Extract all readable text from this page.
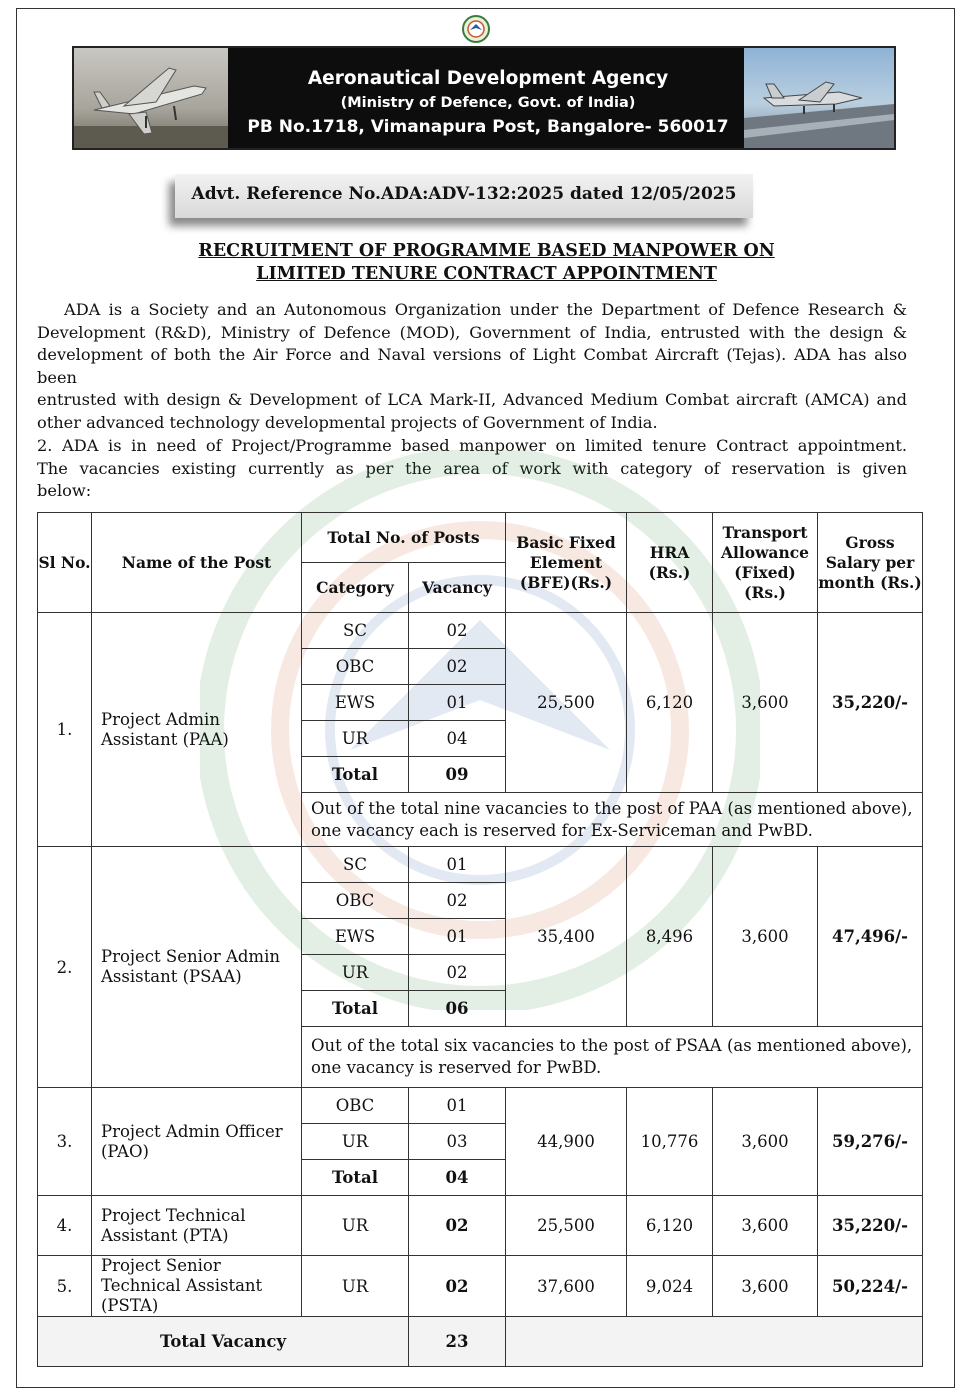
Aeronautical Development Agency
(Ministry of Defence, Govt. of India)
PB No.1718, Vimanapura Post, Bangalore- 560017
Advt. Reference No.ADA:ADV-132:2025 dated 12/05/2025
RECRUITMENT OF PROGRAMME BASED MANPOWER ON
LIMITED TENURE CONTRACT APPOINTMENT
ADA is a Society and an Autonomous Organization under the Department of Defence Research &
Development (R&D), Ministry of Defence (MOD), Government of India, entrusted with the design &
development of both the Air Force and Naval versions of Light Combat Aircraft (Tejas). ADA has also been
entrusted with design & Development of LCA Mark-II, Advanced Medium Combat aircraft (AMCA) and
other advanced technology developmental projects of Government of India.
2. ADA is in need of Project/Programme based manpower on limited tenure Contract appointment.
The vacancies existing currently as per the area of work with category of reservation is given
below:
Sl No.	Name of the Post	Total No. of Posts		Basic Fixed Element (BFE)(Rs.)	HRA (Rs.)	Transport Allowance (Fixed) (Rs.)	Gross Salary per month (Rs.)
		Category	Vacancy				
1.	Project Admin Assistant (PAA)	SC	02	25,500	6,120	3,600	35,220/-
		OBC	02				
		EWS	01				
		UR	04				
		Total	09				
		Out of the total nine vacancies to the post of PAA (as mentioned above), one vacancy each is reserved for Ex-Serviceman and PwBD.					
2.	Project Senior Admin Assistant (PSAA)	SC	01	35,400	8,496	3,600	47,496/-
		OBC	02				
		EWS	01				
		UR	02				
		Total	06				
		Out of the total six vacancies to the post of PSAA (as mentioned above), one vacancy is reserved for PwBD.					
3.	Project Admin Officer (PAO)	OBC	01	44,900	10,776	3,600	59,276/-
		UR	03				
		Total	04				
4.	Project Technical Assistant (PTA)	UR	02	25,500	6,120	3,600	35,220/-
5.	Project Senior Technical Assistant (PSTA)	UR	02	37,600	9,024	3,600	50,224/-
Total Vacancy			23				
